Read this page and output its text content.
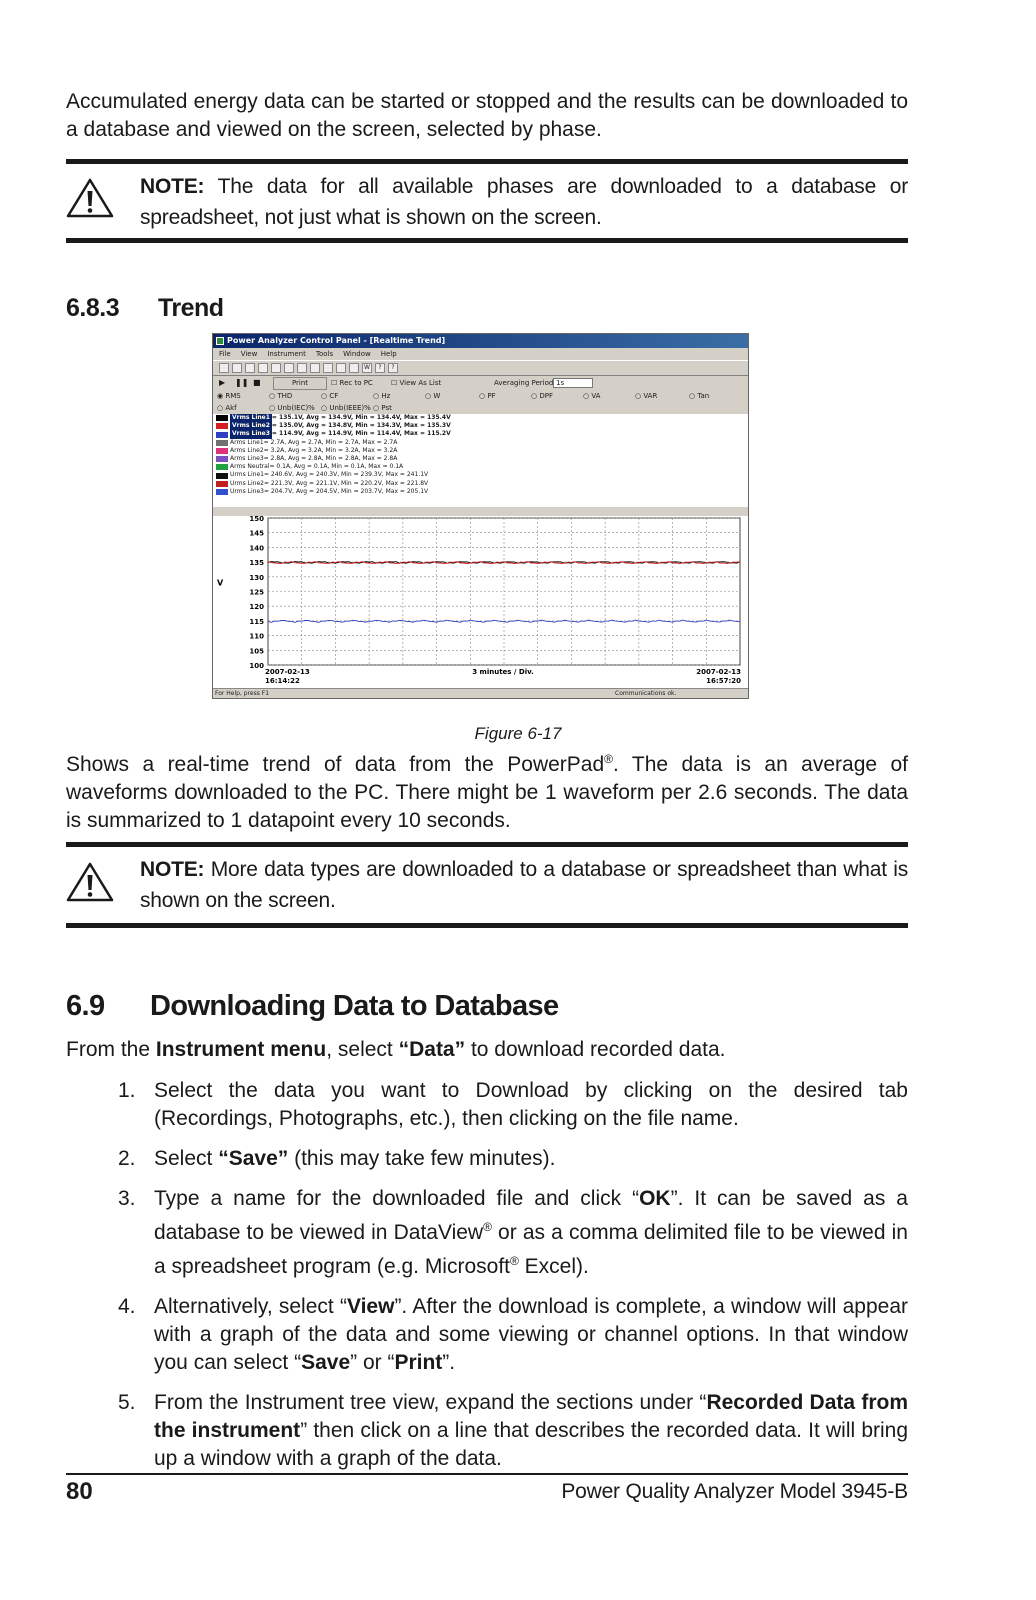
Accumulated energy data can be started or stopped and the results can be downloaded to a database and viewed on the screen, selected by phase.

NOTE: The data for all available phases are downloaded to a database or spreadsheet, not just what is shown on the screen.

6.8.3 Trend
Power Analyzer Control Panel - [Realtime Trend]
File View Instrument Tools Window Help
W	?	?
▶ ❚❚ ■	Print	☐ Rec to PC	☐ View As List	Averaging Period 1s
◉ RMS	○ THD	○ CF	○ Hz	○ W	○ PF	○ DPF	○ VA	○ VAR	○ Tan
○ Akf	○ Unb(IEC)% ○ Unb(IEEE)% ○ Pst
Vrms Line1 = 135.1V, Avg = 134.9V, Min = 134.4V, Max = 135.4V
Vrms Line2 = 135.0V, Avg = 134.8V, Min = 134.3V, Max = 135.3V
Vrms Line3 = 114.9V, Avg = 114.9V, Min = 114.4V, Max = 115.2V
Arms Line1 = 2.7A, Avg = 2.7A, Min = 2.7A, Max = 2.7A
Arms Line2 = 3.2A, Avg = 3.2A, Min = 3.2A, Max = 3.2A
Arms Line3 = 2.8A, Avg = 2.8A, Min = 2.8A, Max = 2.8A
Arms Neutral = 0.1A, Avg = 0.1A, Min = 0.1A, Max = 0.1A
Urms Line1 = 240.6V, Avg = 240.3V, Min = 239.3V, Max = 241.1V
Urms Line2 = 221.3V, Avg = 221.1V, Min = 220.2V, Max = 221.8V
Urms Line3 = 204.7V, Avg = 204.5V, Min = 203.7V, Max = 205.1V
150
145
140
135
130
125
120
115
110
105
100
V
2007-02-13
16:14:22
3 minutes / Div.	2007-02-13
16:57:20
For Help, press F1	Communications ok.
Figure 6-17

Shows a real-time trend of data from the PowerPad®. The data is an average of waveforms downloaded to the PC. There might be 1 waveform per 2.6 seconds. The data is summarized to 1 datapoint every 10 seconds.

NOTE: More data types are downloaded to a database or spreadsheet than what is shown on the screen.

6.9 Downloading Data to Database

From the Instrument menu, select “Data” to download recorded data.

1. Select the data you want to Download by clicking on the desired tab (Recordings, Photographs, etc.), then clicking on the file name.
2. Select “Save” (this may take few minutes).
3. Type a name for the downloaded file and click “OK”. It can be saved as a database to be viewed in DataView® or as a comma delimited file to be viewed in a spreadsheet program (e.g. Microsoft® Excel).
4. Alternatively, select “View”. After the download is complete, a window will appear with a graph of the data and some viewing or channel options. In that window you can select “Save” or “Print”.
5. From the Instrument tree view, expand the sections under “Recorded Data from the instrument” then click on a line that describes the recorded data. It will bring up a window with a graph of the data.
80	Power Quality Analyzer Model 3945-B
